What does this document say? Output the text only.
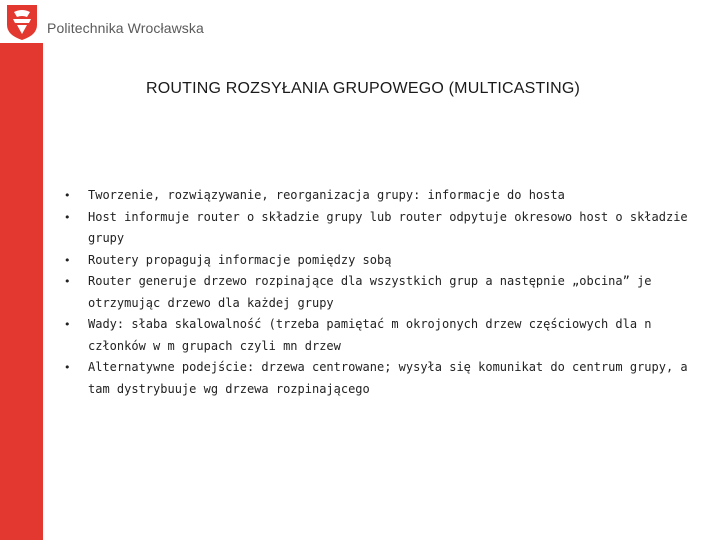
Politechnika Wrocławska
ROUTING ROZSYŁANIA GRUPOWEGO (MULTICASTING)
• Tworzenie, rozwiązywanie, reorganizacja grupy: informacje do hosta
• Host informuje router o składzie grupy lub router odpytuje okresowo host o składzie grupy
• Routery propagują informacje pomiędzy sobą
• Router generuje drzewo rozpinające dla wszystkich grup a następnie „obcina” je otrzymując drzewo dla każdej grupy
• Wady: słaba skalowalność (trzeba pamiętać m okrojonych drzew częściowych dla n członków w m grupach czyli mn drzew
• Alternatywne podejście: drzewa centrowane; wysyła się komunikat do centrum grupy, a tam dystrybuuje wg drzewa rozpinającego
